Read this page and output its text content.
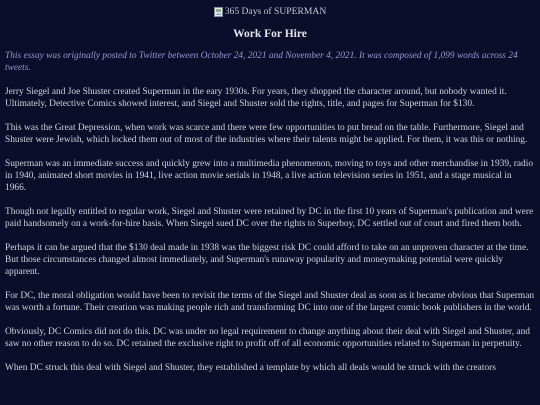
365 Days of SUPERMAN
Work For Hire

This essay was originally posted to Twitter between October 24, 2021 and November 4, 2021. It was composed of 1,099 words across 24 tweets.

Jerry Siegel and Joe Shuster created Superman in the eary 1930s. For years, they shopped the character around, but nobody wanted it. Ultimately, Detective Comics showed interest, and Siegel and Shuster sold the rights, title, and pages for Superman for $130.

This was the Great Depression, when work was scarce and there were few opportunities to put bread on the table. Furthermore, Siegel and Shuster were Jewish, which locked them out of most of the industries where their talents might be applied. For them, it was this or nothing.

Superman was an immediate success and quickly grew into a multimedia phenomenon, moving to toys and other merchandise in 1939, radio in 1940, animated short movies in 1941, live action movie serials in 1948, a live action television series in 1951, and a stage musical in 1966.

Though not legally entitled to regular work, Siegel and Shuster were retained by DC in the first 10 years of Superman's publication and were paid handsomely on a work-for-hire basis. When Siegel sued DC over the rights to Superboy, DC settled out of court and fired them both.

Perhaps it can be argued that the $130 deal made in 1938 was the biggest risk DC could afford to take on an unproven character at the time. But those circumstances changed almost immediately, and Superman's runaway popularity and moneymaking potential were quickly apparent.

For DC, the moral obligation would have been to revisit the terms of the Siegel and Shuster deal as soon as it became obvious that Superman was worth a fortune. Their creation was making people rich and transforming DC into one of the largest comic book publishers in the world.

Obviously, DC Comics did not do this. DC was under no legal requirement to change anything about their deal with Siegel and Shuster, and saw no other reason to do so. DC retained the exclusive right to profit off of all economic opportunities related to Superman in perpetuity.

When DC struck this deal with Siegel and Shuster, they established a template by which all deals would be struck with the creators
